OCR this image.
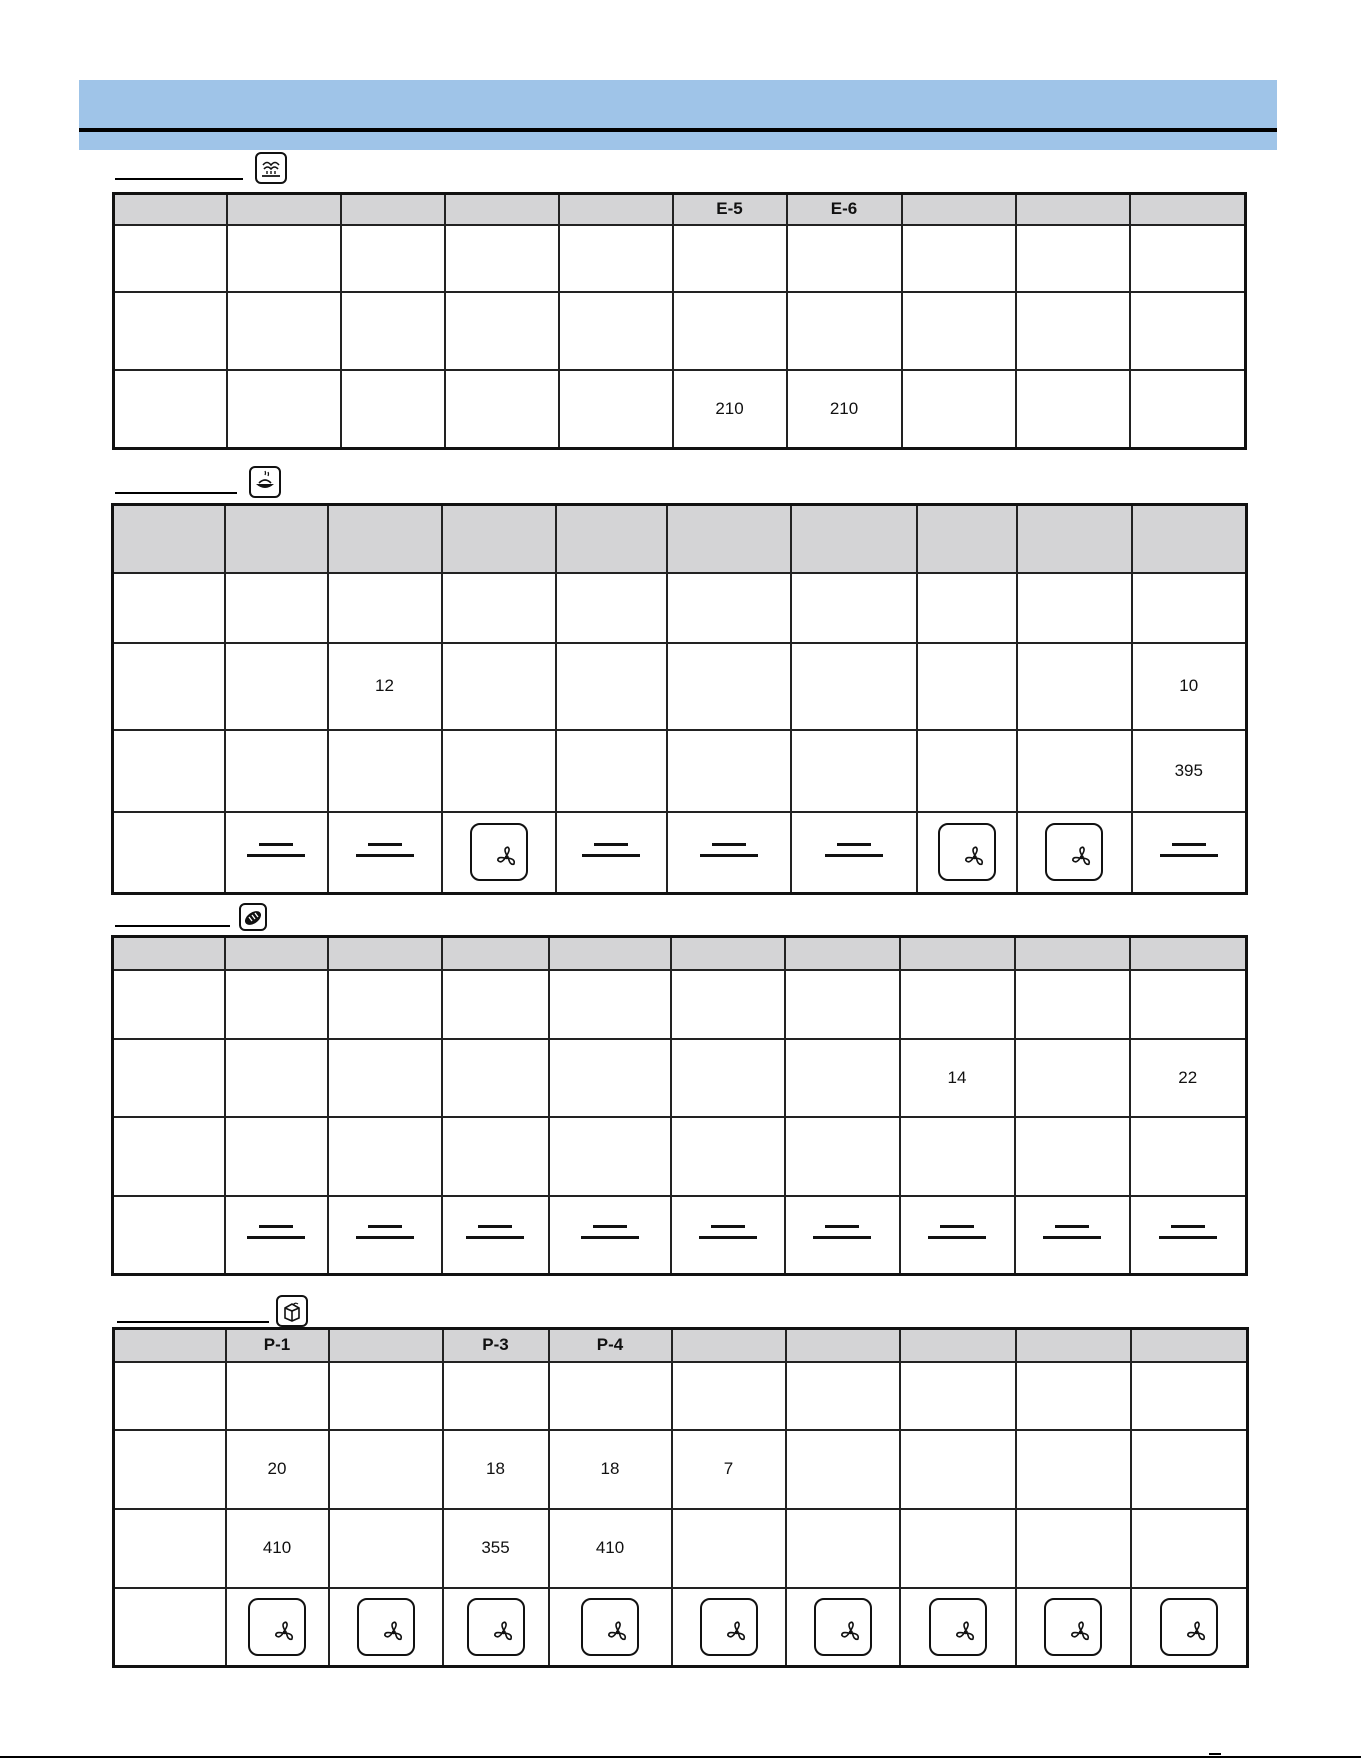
					E-5	E-6			

					210	210			

		12							10
									395

							14		22

	P-1		P-3	P-4					

	20		18	18	7				
	410		355	410					
